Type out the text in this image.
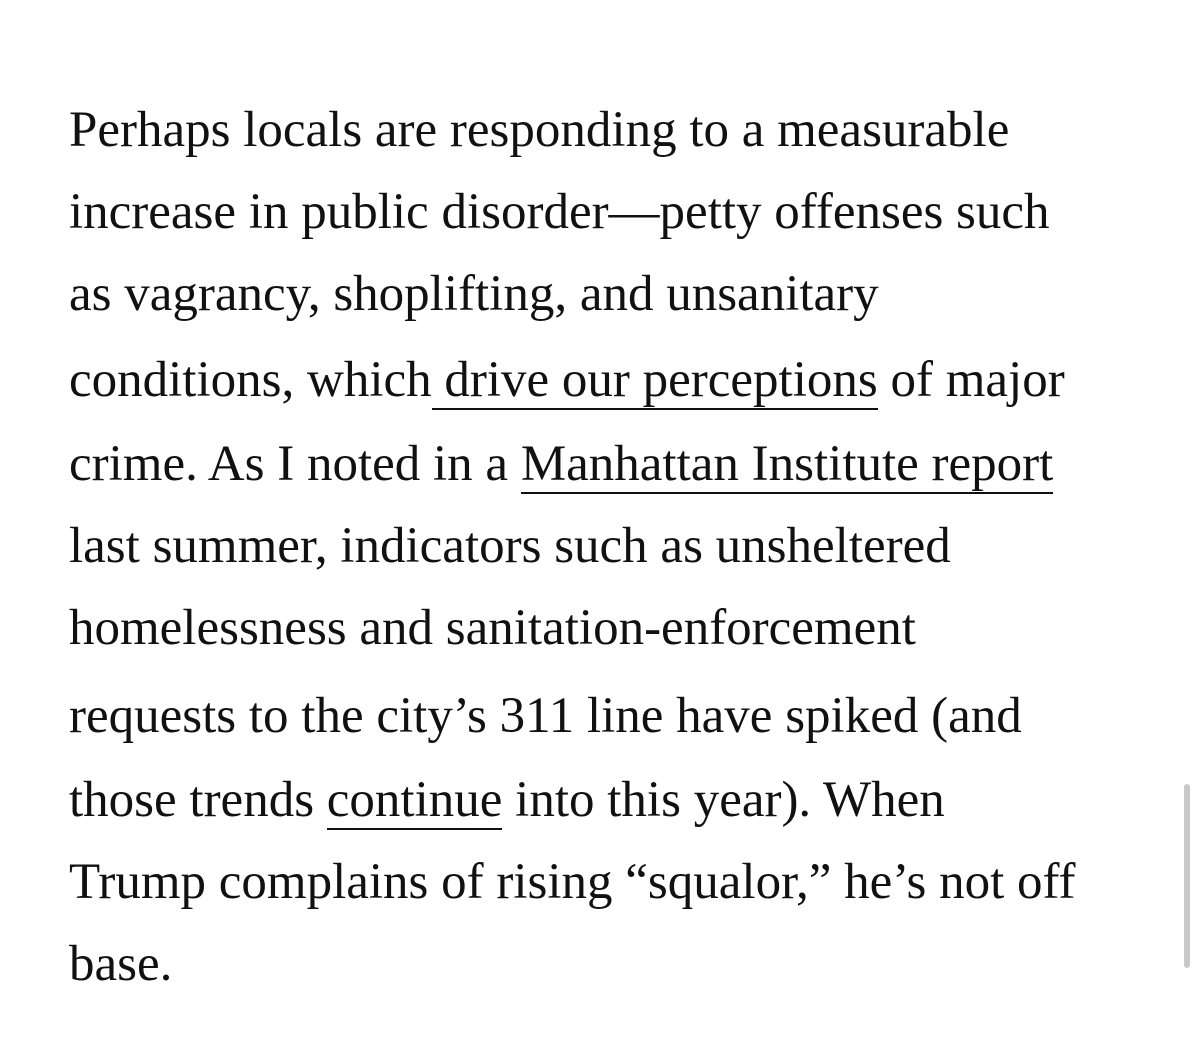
Perhaps locals are responding to a measurable
increase in public disorder—petty offenses such
as vagrancy, shoplifting, and unsanitary
conditions, which drive our perceptions of major
crime. As I noted in a Manhattan Institute report
last summer, indicators such as unsheltered
homelessness and sanitation-enforcement
requests to the city’s 311 line have spiked (and
those trends continue into this year). When
Trump complains of rising “squalor,” he’s not off
base.
